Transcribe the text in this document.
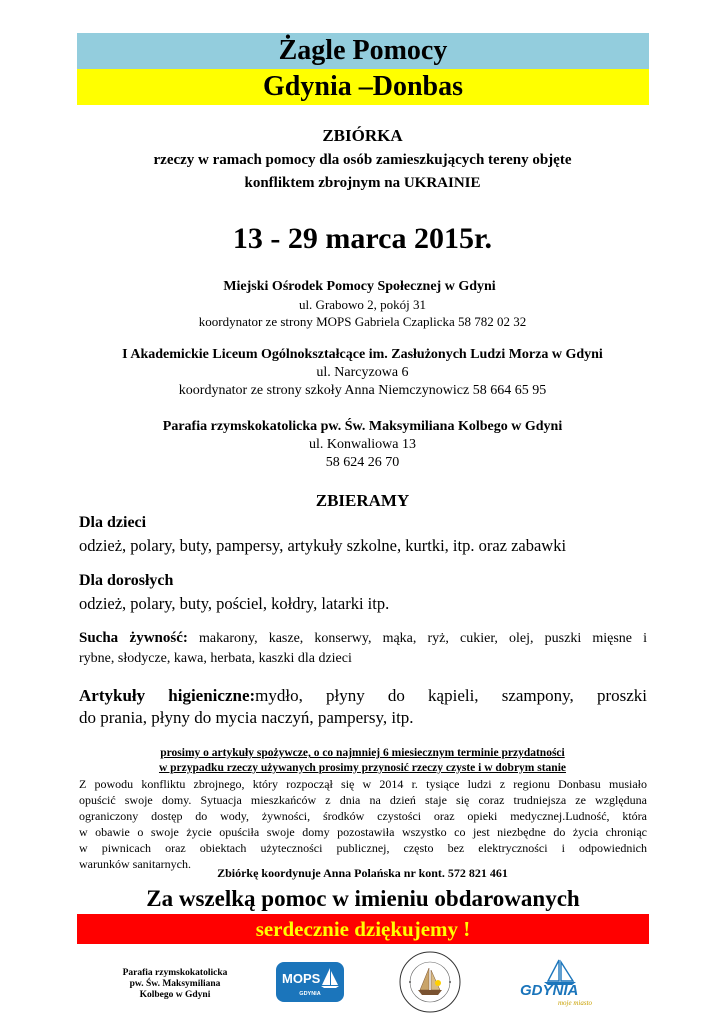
Żagle Pomocy
Gdynia –Donbas
ZBIÓRKA
rzeczy w ramach pomocy dla osób zamieszkujących tereny objęte
konfliktem zbrojnym na UKRAINIE
13 - 29 marca 2015r.
Miejski Ośrodek Pomocy Społecznej w Gdyni
ul. Grabowo 2, pokój 31
koordynator ze strony MOPS Gabriela Czaplicka 58 782 02 32
I Akademickie Liceum Ogólnokształcące im. Zasłużonych Ludzi Morza w Gdyni
ul. Narcyzowa 6
koordynator ze strony szkoły Anna Niemczynowicz 58 664 65 95
Parafia rzymskokatolicka pw. Św. Maksymiliana Kolbego w Gdyni
ul. Konwaliowa 13
58 624 26 70
ZBIERAMY
Dla dzieci
odzież, polary, buty, pampersy, artykuły szkolne, kurtki, itp. oraz zabawki
Dla dorosłych
odzież, polary, buty, pościel, kołdry, latarki itp.
Sucha żywność: makarony, kasze, konserwy, mąka, ryż, cukier, olej, puszki mięsne i
rybne, słodycze, kawa, herbata, kaszki dla dzieci
Artykuły higieniczne:mydło, płyny do kąpieli, szampony, proszki
do prania, płyny do mycia naczyń, pampersy, itp.
prosimy o artykuły spożywcze, o co najmniej 6 miesiecznym terminie przydatności
w przypadku rzeczy używanych prosimy przynosić rzeczy czyste i w dobrym stanie
Z powodu konfliktu zbrojnego, który rozpoczął się w 2014 r. tysiące ludzi z regionu Donbasu musiało
opuścić swoje domy. Sytuacja mieszkańców z dnia na dzień staje się coraz trudniejsza ze względuna
ograniczony dostęp do wody, żywności, środków czystości oraz opieki medycznej.Ludność, która
w obawie o swoje życie opuściła swoje domy pozostawiła wszystko co jest niezbędne do życia chroniąc
w piwnicach oraz obiektach użyteczności publicznej, często bez elektryczności i odpowiednich
warunków sanitarnych.
Zbiórkę koordynuje Anna Polańska nr kont. 572 821 461
Za wszelką pomoc w imieniu obdarowanych
serdecznie dziękujemy !
Parafia rzymskokatolicka
pw. Św. Maksymiliana
Kolbego w Gdyni
MOPS
GDYNIA	GDYNIA
moje miasto
